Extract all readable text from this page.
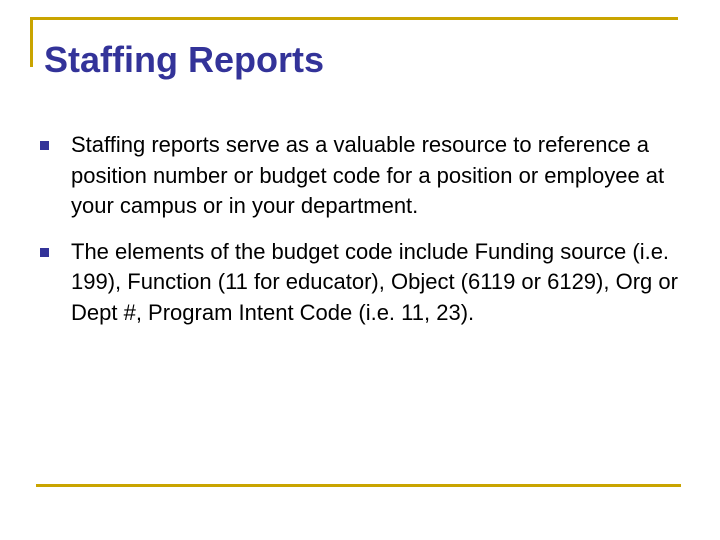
Staffing Reports
Staffing reports serve as a valuable resource to reference a position number or budget code for a position or employee at your campus or in your department.
The elements of the budget code include Funding source (i.e. 199), Function (11 for educator), Object (6119 or 6129), Org or Dept #, Program Intent Code (i.e. 11, 23).
